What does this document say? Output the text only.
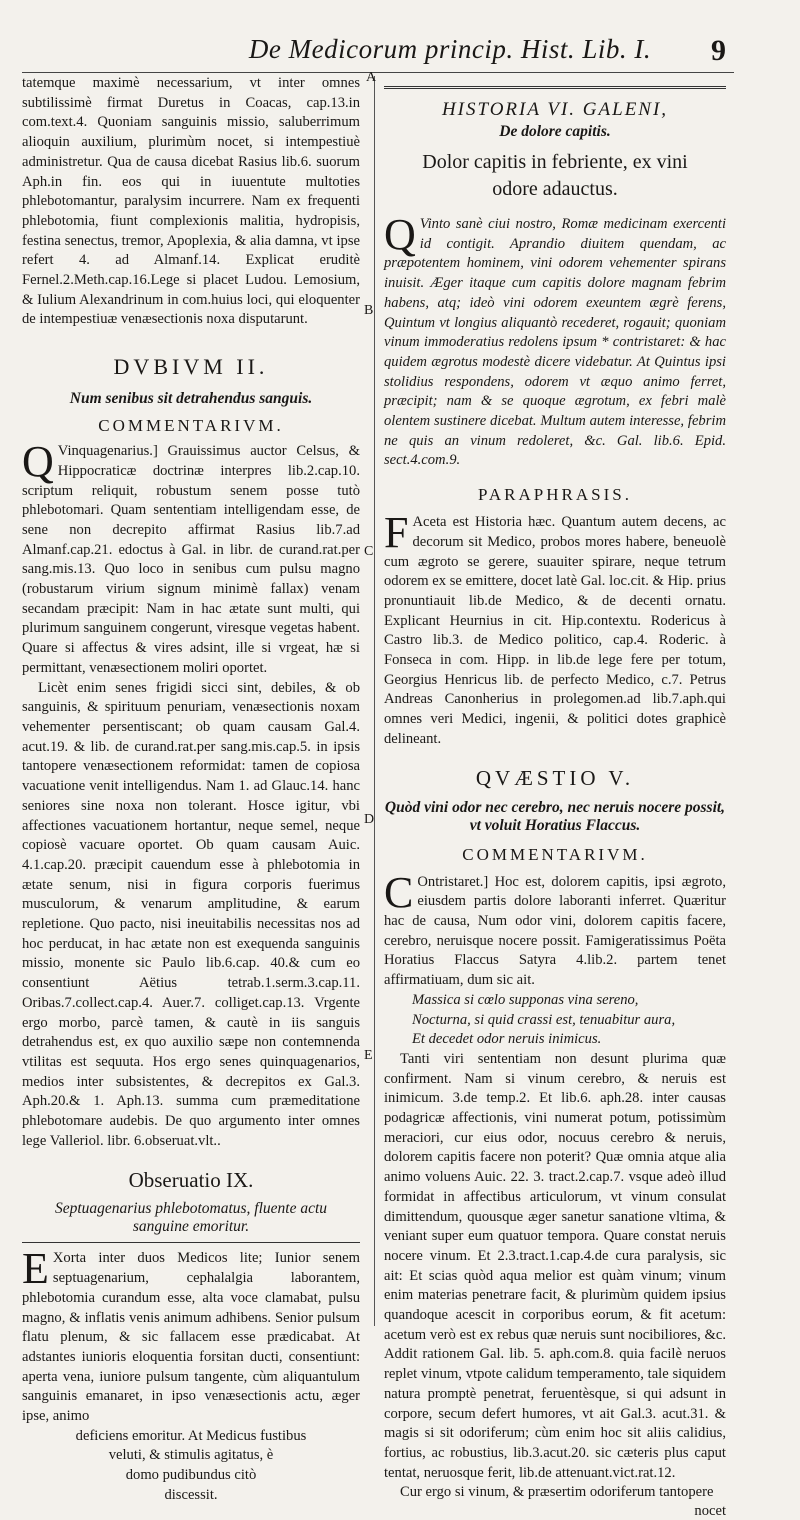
De Medicorum princip. Hist. Lib. I.	9
A
B
C
D
E

tatemque maximè necessarium, vt inter omnes subtilissimè firmat Duretus in Coacas, cap.13.in com.text.4. Quoniam sanguinis missio, saluberrimum alioquin auxilium, plurimùm nocet, si intempestiuè administretur. Qua de causa dicebat Rasius lib.6. suorum Aph.in fin. eos qui in iuuentute multoties phlebotomantur, paralysim incurrere. Nam ex frequenti phlebotomia, fiunt complexionis malitia, hydropisis, festina senectus, tremor, Apoplexia, & alia damna, vt ipse refert 4. ad Almanf.14. Explicat eruditè Fernel.2.Meth.cap.16.Lege si placet Ludou. Lemosium, & Iulium Alexandrinum in com.huius loci, qui eloquenter de intempestiuæ venæsectionis noxa disputarunt.

DVBIVM II.

Num senibus sit detrahendus sanguis.

COMMENTARIVM.

Q Vinquagenarius.] Grauissimus auctor Celsus, & Hippocraticæ doctrinæ interpres lib.2.cap.10. scriptum reliquit, robustum senem posse tutò phlebotomari. Quam sententiam intelligendam esse, de sene non decrepito affirmat Rasius lib.7.ad Almanf.cap.21. edoctus à Gal. in libr. de curand.rat.per sang.mis.13. Quo loco in senibus cum pulsu magno (robustarum virium signum minimè fallax) venam secandam præcipit: Nam in hac ætate sunt multi, qui plurimum sanguinem congerunt, viresque vegetas habent. Quare si affectus & vires adsint, ille si vrgeat, hæ si permittant, venæsectionem moliri oportet.

Licèt enim senes frigidi sicci sint, debiles, & ob sanguinis, & spirituum penuriam, venæsectionis noxam vehementer persentiscant; ob quam causam Gal.4. acut.19. & lib. de curand.rat.per sang.mis.cap.5. in ipsis tantopere venæsectionem reformidat: tamen de copiosa vacuatione venit intelligendus. Nam 1. ad Glauc.14. hanc seniores sine noxa non tolerant. Hosce igitur, vbi affectiones vacuationem hortantur, neque semel, neque copiosè vacuare oportet. Ob quam causam Auic. 4.1.cap.20. præcipit cauendum esse à phlebotomia in ætate senum, nisi in figura corporis fuerimus musculorum, & venarum amplitudine, & earum repletione. Quo pacto, nisi ineuitabilis necessitas nos ad hoc perducat, in hac ætate non est exequenda sanguinis missio, monente sic Paulo lib.6.cap. 40.& cum eo consentiunt Aëtius tetrab.1.serm.3.cap.11. Oribas.7.collect.cap.4. Auer.7. colliget.cap.13. Vrgente ergo morbo, parcè tamen, & cautè in iis sanguis detrahendus est, ex quo auxilio sæpe non contemnenda vtilitas est sequuta. Hos ergo senes quinquagenarios, medios inter subsistentes, & decrepitos ex Gal.3. Aph.20.& 1. Aph.13. summa cum præmeditatione phlebotomare audebis. De quo argumento inter omnes lege Valleriol. libr. 6.obseruat.vlt..

Obseruatio IX.

Septuagenarius phlebotomatus, fluente actu

sanguine emoritur.

E Xorta inter duos Medicos lite; Iunior senem septuagenarium, cephalalgia laborantem, phlebotomia curandum esse, alta voce clamabat, pulsu magno, & inflatis venis animum adhibens. Senior pulsum flatu plenum, & sic fallacem esse prædicabat. At adstantes iunioris eloquentia forsitan ducti, consentiunt: aperta vena, iuniore pulsum tangente, cùm aliquantulum sanguinis emanaret, in ipso venæsectionis actu, æger ipse, animo

deficiens emoritur. At Medicus fustibus

veluti, & stimulis agitatus, è

domo pudibundus citò

discessit.

HISTORIA VI. GALENI,

De dolore capitis.

Dolor capitis in febriente, ex vini odore adauctus.

Q Vinto sanè ciui nostro, Romæ medicinam exercenti id contigit. Aprandio diuitem quendam, ac præpotentem hominem, vini odorem vehementer spirans inuisit. Æger itaque cum capitis dolore magnam febrim habens, atq; ideò vini odorem exeuntem ægrè ferens, Quintum vt longius aliquantò recederet, rogauit; quoniam vinum immoderatius redolens ipsum * contristaret: & hac quidem ægrotus modestè dicere videbatur. At Quintus ipsi stolidius respondens, odorem vt æquo animo ferret, præcipit; nam & se quoque ægrotum, ex febri malè olentem sustinere dicebat. Multum autem interesse, febrim ne quis an vinum redoleret, &c. Gal. lib.6. Epid. sect.4.com.9.

PARAPHRASIS.

F Aceta est Historia hæc. Quantum autem decens, ac decorum sit Medico, probos mores habere, beneuolè cum ægroto se gerere, suauiter spirare, neque tetrum odorem ex se emittere, docet latè Gal. loc.cit. & Hip. prius pronuntiauit lib.de Medico, & de decenti ornatu. Explicant Heurnius in cit. Hip.contextu. Rodericus à Castro lib.3. de Medico politico, cap.4. Roderic. à Fonseca in com. Hipp. in lib.de lege fere per totum, Georgius Henricus lib. de perfecto Medico, c.7. Petrus Andreas Canonherius in prolegomen.ad lib.7.aph.qui omnes veri Medici, ingenii, & politici dotes graphicè delineant.

QVÆSTIO V.

Quòd vini odor nec cerebro, nec neruis nocere possit,

vt voluit Horatius Flaccus.

COMMENTARIVM.

C Ontristaret.] Hoc est, dolorem capitis, ipsi ægroto, eiusdem partis dolore laboranti inferret. Quæritur hac de causa, Num odor vini, dolorem capitis facere, cerebro, neruisque nocere possit. Famigeratissimus Poëta Horatius Flaccus Satyra 4.lib.2. partem tenet affirmatiuam, dum sic ait.

Massica si cœlo supponas vina sereno,

Nocturna, si quid crassi est, tenuabitur aura,

Et decedet odor neruis inimicus.

Tanti viri sententiam non desunt plurima quæ confirment. Nam si vinum cerebro, & neruis est inimicum. 3.de temp.2. Et lib.6. aph.28. inter causas podagricæ affectionis, vini numerat potum, potissimùm meraciori, cur eius odor, nocuus cerebro & neruis, dolorem capitis facere non poterit? Quæ omnia atque alia animo voluens Auic. 22. 3. tract.2.cap.7. vsque adeò illud formidat in affectibus articulorum, vt vinum consulat dimittendum, quousque æger sanetur sanatione vltima, & veniant super eum quatuor tempora. Quare constat neruis nocere vinum. Et 2.3.tract.1.cap.4.de cura paralysis, sic ait: Et scias quòd aqua melior est quàm vinum; vinum enim materias penetrare facit, & plurimùm quidem ipsius quandoque acescit in corporibus eorum, & fit acetum: acetum verò est ex rebus quæ neruis sunt nocibiliores, &c. Addit rationem Gal. lib. 5. aph.com.8. quia facilè neruos replet vinum, vtpote calidum temperamento, tale siquidem natura promptè penetrat, feruentèsque, si qui adsunt in corpore, secum defert humores, vt ait Gal.3. acut.31. & magis si sit odoriferum; cùm enim hoc sit aliis calidius, fortius, ac robustius, lib.3.acut.20. sic cæteris plus caput tentat, neruosque ferit, lib.de attenuant.vict.rat.12.

Cur ergo si vinum, & præsertim odoriferum tantopere

nocet
